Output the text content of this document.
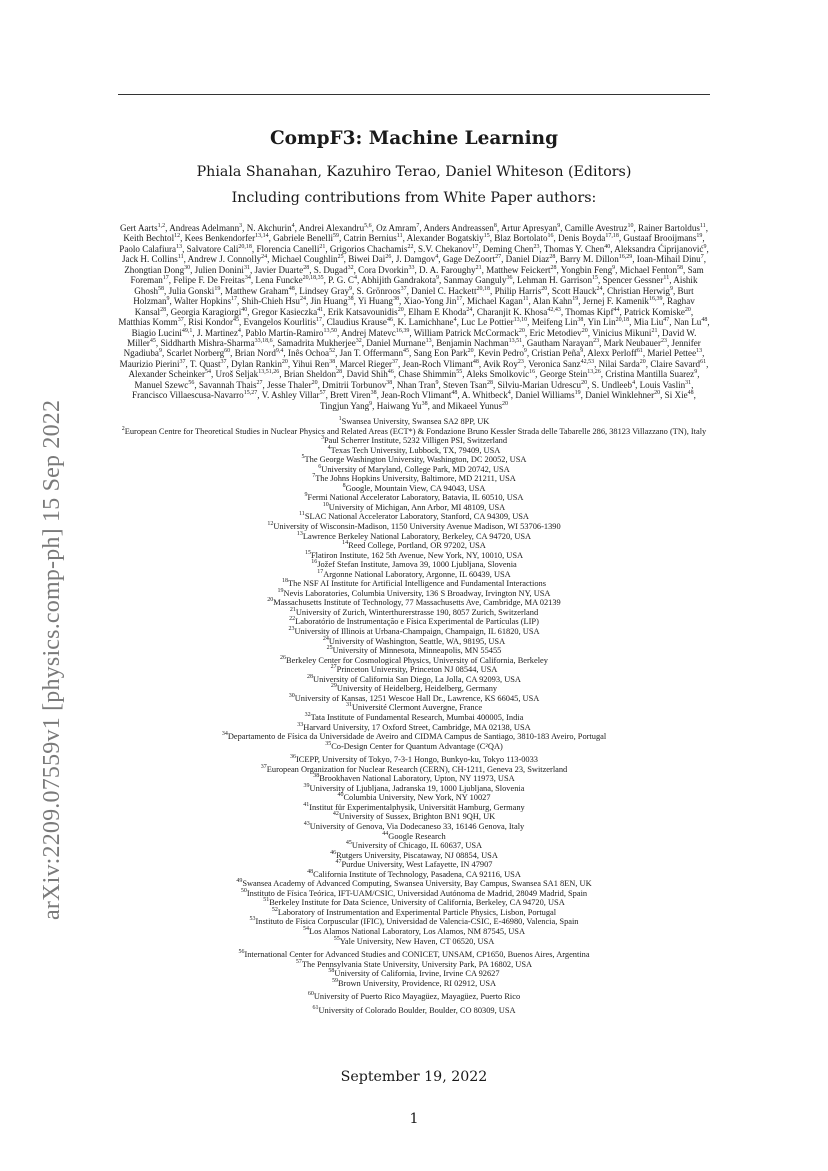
arXiv:2209.07559v1 [physics.comp-ph] 15 Sep 2022
CompF3: Machine Learning
Phiala Shanahan, Kazuhiro Terao, Daniel Whiteson (Editors)
Including contributions from White Paper authors:
Gert Aarts$^{1,2}$, Andreas Adelmann$^3$, N. Akchurin$^4$, Andrei Alexandru$^{5,6}$, Oz Amram$^7$, Anders Andreassen$^8$, Artur Apresyan$^9$, Camille Avestruz$^{10}$, Rainer Bartoldus$^{11}$, Keith Bechtol$^{12}$, Kees Benkendorfer$^{13,14}$, Gabriele Benelli$^{59}$, Catrin Bernius$^{11}$, Alexander Bogatskiy$^{15}$, Blaz Bortolato$^{16}$, Denis Boyda$^{17,18}$, Gustaaf Brooijmans$^{19}$, Paolo Calafiura$^{13}$, Salvatore Cali$^{20,18}$, Florencia Canelli$^{21}$, Grigorios Chachamis$^{22}$, S.V. Chekanov$^{17}$, Deming Chen$^{23}$, Thomas Y. Chen$^{40}$, Aleksandra Ćiprijanović$^9$, Jack H. Collins$^{11}$, Andrew J. Connolly$^{24}$, Michael Coughlin$^{25}$, Biwei Dai$^{26}$, J. Damgov$^4$, Gage DeZoort$^{27}$, Daniel Diaz$^{28}$, Barry M. Dillon$^{16,29}$, Ioan-Mihail Dinu$^7$, Zhongtian Dong$^{30}$, Julien Donini$^{31}$, Javier Duarte$^{28}$, S. Dugad$^{32}$, Cora Dvorkin$^{33}$, D. A. Faroughy$^{21}$, Matthew Feickert$^{28}$, Yongbin Feng$^9$, Michael Fenton$^{58}$, Sam Foreman$^{17}$, Felipe F. De Freitas$^{34}$, Lena Funcke$^{20,18,35}$, P. G. $C^4$, Abhijith Gandrakota$^9$, Sanmay Ganguly$^{36}$, Lehman H. Garrison$^{15}$, Spencer Gessner$^{11}$, Aishik Ghosh$^{58}$, Julia Gonski$^{19}$, Matthew Graham$^{48}$, Lindsey Gray$^9$, S. Grönroos$^{37}$, Daniel C. Hackett$^{20,18}$, Philip Harris$^{20}$, Scott Hauck$^{24}$, Christian Herwig$^9$, Burt Holzman$^9$, Walter Hopkins$^{17}$, Shih-Chieh Hsu$^{24}$, Jin Huang$^{38}$, Yi Huang$^{38}$, Xiao-Yong Jin$^{17}$, Michael Kagan$^{11}$, Alan Kahn$^{19}$, Jernej F. Kamenik$^{16,39}$, Raghav Kansal$^{28}$, Georgia Karagiorgi$^{40}$, Gregor Kasieczka$^{41}$, Erik Katsavounidis$^{20}$, Elham E Khoda$^{24}$, Charanjit K. Khosa$^{42,43}$, Thomas Kipf$^{44}$, Patrick Komiske$^{20}$, Matthias Komm$^{37}$, Risi Kondor$^{45}$, Evangelos Kourlitis$^{17}$, Claudius Krause$^{46}$, K. Lamichhane$^4$, Luc Le Pottier$^{13,10}$, Meifeng Lin$^{38}$, Yin Lin$^{20,18}$, Mia Liu$^{47}$, Nan Lu$^{48}$, Biagio Lucini$^{49,1}$, J. Martinez$^4$, Pablo Martín-Ramiro$^{13,50}$, Andrej Matevc$^{16,39}$, William Patrick McCormack$^{20}$, Eric Metodiev$^{20}$, Vinicius Mikuni$^{21}$, David W. Miller$^{45}$, Siddharth Mishra-Sharma$^{33,18,6}$, Samadrita Mukherjee$^{32}$, Daniel Murnane$^{13}$, Benjamin Nachman$^{13,51}$, Gautham Narayan$^{23}$, Mark Neubauer$^{23}$, Jennifer Ngadiuba$^9$, Scarlet Norberg$^{60}$, Brian Nord$^{9,4}$, Inês Ochoa$^{52}$, Jan T. Offermann$^{45}$, Sang Eon Park$^{20}$, Kevin Pedro$^9$, Cristian Peña$^9$, Alexx Perloff$^{61}$, Mariel Pettee$^{13}$, Maurizio Pierini$^{37}$, T. Quast$^{37}$, Dylan Rankin$^{20}$, Yihui Ren$^{38}$, Marcel Rieger$^{37}$, Jean-Roch Vlimant$^{48}$, Avik Roy$^{23}$, Veronica Sanz$^{42,53}$, Nilai Sarda$^{20}$, Claire Savard$^{61}$, Alexander Scheinker$^{54}$, Uroš Seljak$^{13,51,26}$, Brian Sheldon$^{28}$, David Shih$^{46}$, Chase Shimmin$^{55}$, Aleks Smolkovic$^{16}$, George Stein$^{13,26}$, Cristina Mantilla Suarez$^9$, Manuel Szewc$^{56}$, Savannah Thais$^{27}$, Jesse Thaler$^{20}$, Dmitrii Torbunov$^{38}$, Nhan Tran$^9$, Steven Tsan$^{28}$, Silviu-Marian Udrescu$^{20}$, S. Undleeb$^4$, Louis Vaslin$^{31}$, Francisco Villaescusa-Navarro$^{15,27}$, V. Ashley Villar$^{57}$, Brett Viren$^{38}$, Jean-Roch Vlimant$^{48}$, A. Whitbeck$^4$, Daniel Williams$^{19}$, Daniel Winklehner$^{20}$, Si Xie$^{48}$, Tingjun Yang$^9$, Haiwang Yu$^{38}$, and Mikaeel Yunus$^{20}$
$^1$Swansea University, Swansea SA2 8PP, UK
$^2$European Centre for Theoretical Studies in Nuclear Physics and Related Areas (ECT*) & Fondazione Bruno Kessler Strada delle Tabarelle 286, 38123 Villazzano (TN), Italy
$^3$Paul Scherrer Institute, 5232 Villigen PSI, Switzerland
$^4$Texas Tech University, Lubbock, TX, 79409, USA
$^5$The George Washington University, Washington, DC 20052, USA
$^6$University of Maryland, College Park, MD 20742, USA
$^7$The Johns Hopkins University, Baltimore, MD 21211, USA
$^8$Google, Mountain View, CA 94043, USA
$^9$Fermi National Accelerator Laboratory, Batavia, IL 60510, USA
$^{10}$University of Michigan, Ann Arbor, MI 48109, USA
$^{11}$SLAC National Accelerator Laboratory, Stanford, CA 94309, USA
$^{12}$University of Wisconsin-Madison, 1150 University Avenue Madison, WI 53706-1390
$^{13}$Lawrence Berkeley National Laboratory, Berkeley, CA 94720, USA
$^{14}$Reed College, Portland, OR 97202, USA
$^{15}$Flatiron Institute, 162 5th Avenue, New York, NY, 10010, USA
$^{16}$Jožef Stefan Institute, Jamova 39, 1000 Ljubljana, Slovenia
$^{17}$Argonne National Laboratory, Argonne, IL 60439, USA
$^{18}$The NSF AI Institute for Artificial Intelligence and Fundamental Interactions
$^{19}$Nevis Laboratories, Columbia University, 136 S Broadway, Irvington NY, USA
$^{20}$Massachusetts Institute of Technology, 77 Massachusetts Ave, Cambridge, MA 02139
$^{21}$University of Zurich, Winterthurerstrasse 190, 8057 Zurich, Switzerland
$^{22}$Laboratório de Instrumentação e Física Experimental de Partículas (LIP)
$^{23}$University of Illinois at Urbana-Champaign, Champaign, IL 61820, USA
$^{24}$University of Washington, Seattle, WA, 98195, USA
$^{25}$University of Minnesota, Minneapolis, MN 55455
$^{26}$Berkeley Center for Cosmological Physics, University of California, Berkeley
$^{27}$Princeton University, Princeton NJ 08544, USA
$^{28}$University of California San Diego, La Jolla, CA 92093, USA
$^{29}$University of Heidelberg, Heidelberg, Germany
$^{30}$University of Kansas, 1251 Wescoe Hall Dr., Lawrence, KS 66045, USA
$^{31}$Université Clermont Auvergne, France
$^{32}$Tata Institute of Fundamental Research, Mumbai 400005, India
$^{33}$Harvard University, 17 Oxford Street, Cambridge, MA 02138, USA
$^{34}$Departamento de Física da Universidade de Aveiro and CIDMA Campus de Santiago, 3810-183 Aveiro, Portugal
$^{35}$Co-Design Center for Quantum Advantage (C²QA)
$^{36}$ICEPP, University of Tokyo, 7-3-1 Hongo, Bunkyo-ku, Tokyo 113-0033
$^{37}$European Organization for Nuclear Research (CERN), CH-1211, Geneva 23, Switzerland
$^{38}$Brookhaven National Laboratory, Upton, NY 11973, USA
$^{39}$University of Ljubljana, Jadranska 19, 1000 Ljubljana, Slovenia
$^{40}$Columbia University, New York, NY 10027
$^{41}$Institut für Experimentalphysik, Universität Hamburg, Germany
$^{42}$University of Sussex, Brighton BN1 9QH, UK
$^{43}$University of Genova, Via Dodecaneso 33, 16146 Genova, Italy
$^{44}$Google Research
$^{45}$University of Chicago, IL 60637, USA
$^{46}$Rutgers University, Piscataway, NJ 08854, USA
$^{47}$Purdue University, West Lafayette, IN 47907
$^{48}$California Institute of Technology, Pasadena, CA 92116, USA
$^{49}$Swansea Academy of Advanced Computing, Swansea University, Bay Campus, Swansea SA1 8EN, UK
$^{50}$Instituto de Física Teórica, IFT-UAM/CSIC, Universidad Autónoma de Madrid, 28049 Madrid, Spain
$^{51}$Berkeley Institute for Data Science, University of California, Berkeley, CA 94720, USA
$^{52}$Laboratory of Instrumentation and Experimental Particle Physics, Lisbon, Portugal
$^{53}$Instituto de Física Corpuscular (IFIC), Universidad de Valencia-CSIC, E-46980, Valencia, Spain
$^{54}$Los Alamos National Laboratory, Los Alamos, NM 87545, USA
$^{55}$Yale University, New Haven, CT 06520, USA
$^{56}$International Center for Advanced Studies and CONICET, UNSAM, CP1650, Buenos Aires, Argentina
$^{57}$The Pennsylvania State University, University Park, PA 16802, USA
$^{58}$University of California, Irvine, Irvine CA 92627
$^{59}$Brown University, Providence, RI 02912, USA
$^{60}$University of Puerto Rico Mayagüez, Mayagüez, Puerto Rico
$^{61}$University of Colorado Boulder, Boulder, CO 80309, USA
September 19, 2022
1
